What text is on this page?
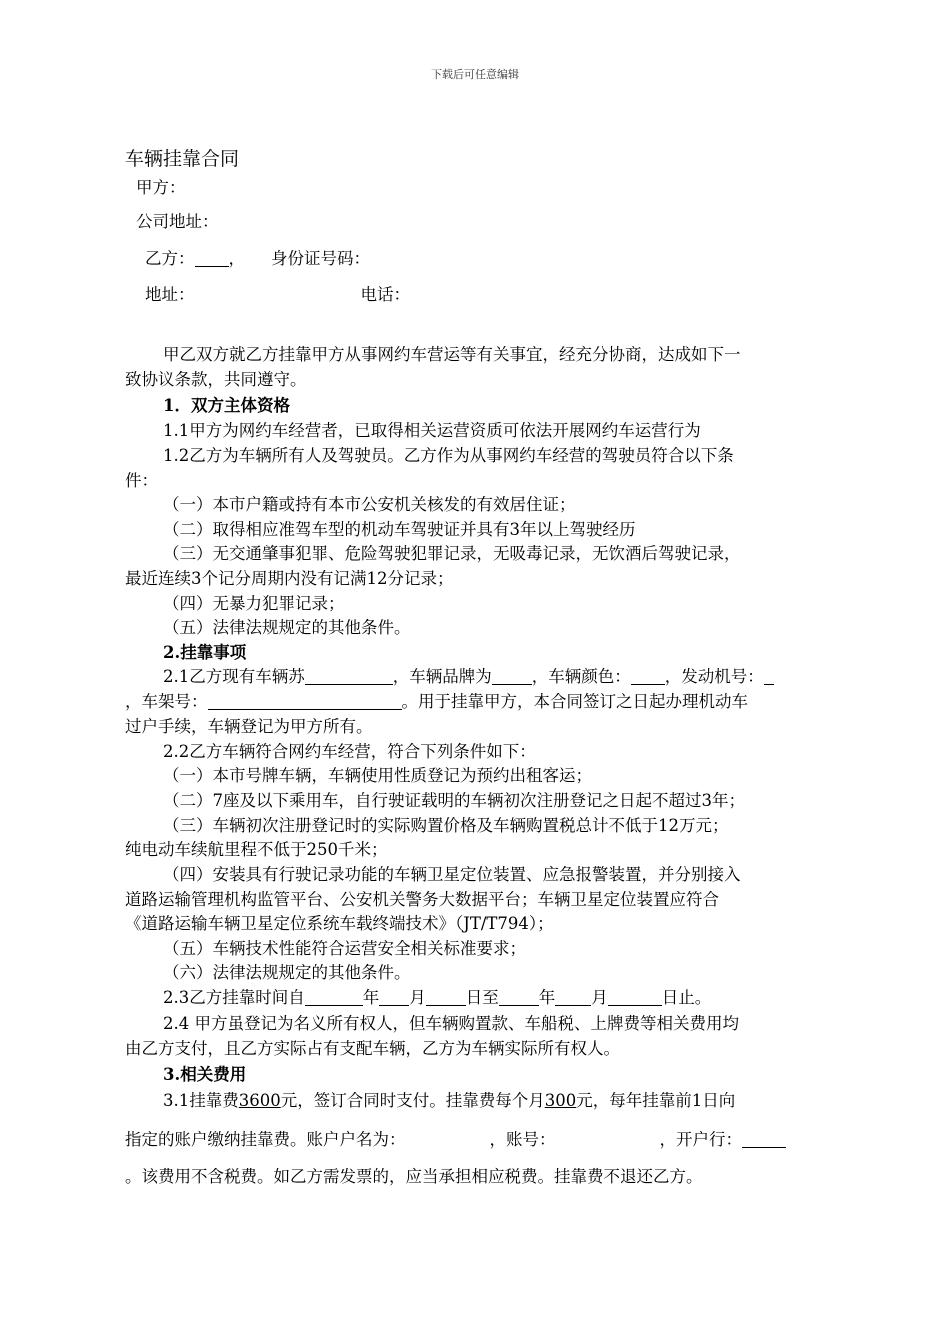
下载后可任意编辑
车辆挂靠合同
甲方：
公司地址：
乙方： ， 身份证号码：
地址：	电话：
甲乙双方就乙方挂靠甲方从事网约车营运等有关事宜，经充分协商，达成如下一
致协议条款，共同遵守。
1．双方主体资格
1.1甲方为网约车经营者，已取得相关运营资质可依法开展网约车运营行为
1.2乙方为车辆所有人及驾驶员。乙方作为从事网约车经营的驾驶员符合以下条
件：
（一）本市户籍或持有本市公安机关核发的有效居住证；
（二）取得相应准驾车型的机动车驾驶证并具有3年以上驾驶经历
（三）无交通肇事犯罪、危险驾驶犯罪记录，无吸毒记录，无饮酒后驾驶记录，
最近连续3个记分周期内没有记满12分记录；
（四）无暴力犯罪记录；
（五）法律法规规定的其他条件。
2.挂靠事项
2.1乙方现有车辆苏	，车辆品牌为 ，车辆颜色： ，发动机号：
，车架号：	。用于挂靠甲方，本合同签订之日起办理机动车
过户手续，车辆登记为甲方所有。
2.2乙方车辆符合网约车经营，符合下列条件如下：
（一）本市号牌车辆，车辆使用性质登记为预约出租客运；
（二）7座及以下乘用车，自行驶证载明的车辆初次注册登记之日起不超过3年；
（三）车辆初次注册登记时的实际购置价格及车辆购置税总计不低于12万元；
纯电动车续航里程不低于250千米；
（四）安装具有行驶记录功能的车辆卫星定位装置、应急报警装置，并分别接入
道路运输管理机构监管平台、公安机关警务大数据平台；车辆卫星定位装置应符合
《道路运输车辆卫星定位系统车载终端技术》（JT/T794）；
（五）车辆技术性能符合运营安全相关标准要求；
（六）法律法规规定的其他条件。
2.3乙方挂靠时间自	年 月 日至 年 月	日止。
2.4 甲方虽登记为名义所有权人，但车辆购置款、车船税、上牌费等相关费用均
由乙方支付，且乙方实际占有支配车辆，乙方为车辆实际所有权人。
3.相关费用
3.1挂靠费3600元，签订合同时支付。挂靠费每个月300元，每年挂靠前1日向
指定的账户缴纳挂靠费。账户户名为：	，账号：	，开户行：
。该费用不含税费。如乙方需发票的，应当承担相应税费。挂靠费不退还乙方。
